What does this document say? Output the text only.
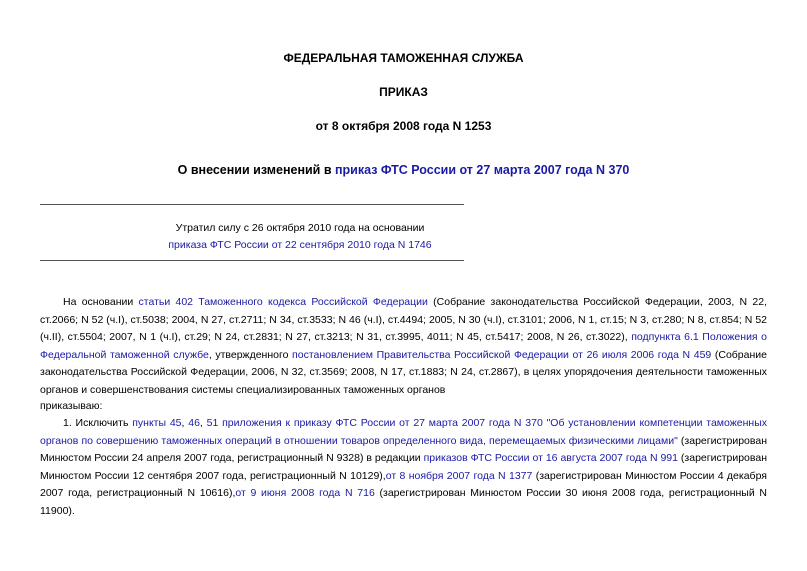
ФЕДЕРАЛЬНАЯ ТАМОЖЕННАЯ СЛУЖБА
ПРИКАЗ
от 8 октября 2008 года N 1253
О внесении изменений в приказ ФТС России от 27 марта 2007 года N 370
Утратил силу с 26 октября 2010 года на основании
приказа ФТС России от 22 сентября 2010 года N 1746
На основании статьи 402 Таможенного кодекса Российской Федерации (Собрание законодательства Российской Федерации, 2003, N 22, ст.2066; N 52 (ч.I), ст.5038; 2004, N 27, ст.2711; N 34, ст.3533; N 46 (ч.I), ст.4494; 2005, N 30 (ч.I), ст.3101; 2006, N 1, ст.15; N 3, ст.280; N 8, ст.854; N 52 (ч.II), ст.5504; 2007, N 1 (ч.I), ст.29; N 24, ст.2831; N 27, ст.3213; N 31, ст.3995, 4011; N 45, ст.5417; 2008, N 26, ст.3022), подпункта 6.1 Положения о Федеральной таможенной службе, утвержденного постановлением Правительства Российской Федерации от 26 июля 2006 года N 459 (Собрание законодательства Российской Федерации, 2006, N 32, ст.3569; 2008, N 17, ст.1883; N 24, ст.2867), в целях упорядочения деятельности таможенных органов и совершенствования системы специализированных таможенных органов
приказываю:
1. Исключить пункты 45, 46, 51 приложения к приказу ФТС России от 27 марта 2007 года N 370 "Об установлении компетенции таможенных органов по совершению таможенных операций в отношении товаров определенного вида, перемещаемых физическими лицами" (зарегистрирован Минюстом России 24 апреля 2007 года, регистрационный N 9328) в редакции приказов ФТС России от 16 августа 2007 года N 991 (зарегистрирован Минюстом России 12 сентября 2007 года, регистрационный N 10129),от 8 ноября 2007 года N 1377 (зарегистрирован Минюстом России 4 декабря 2007 года, регистрационный N 10616),от 9 июня 2008 года N 716 (зарегистрирован Минюстом России 30 июня 2008 года, регистрационный N 11900).
